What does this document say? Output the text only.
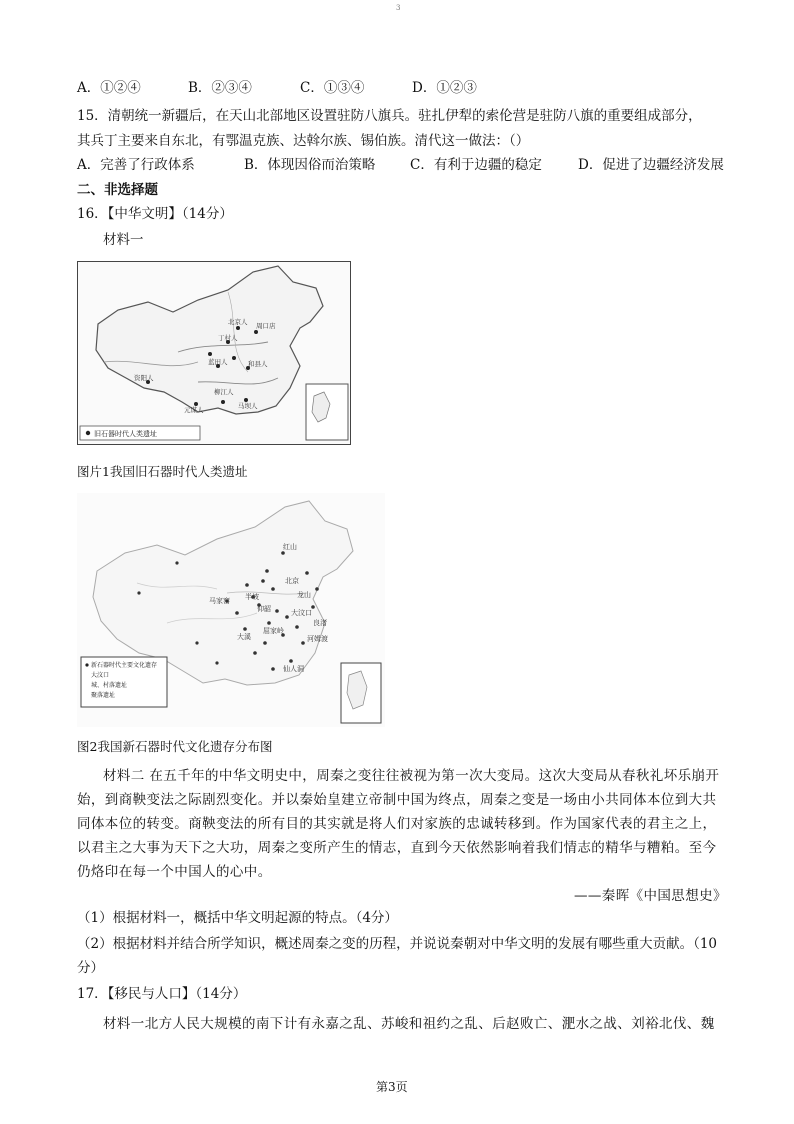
3
A．①②④	B．②③④	C．①③④	D．①②③
15．清朝统一新疆后，在天山北部地区设置驻防八旗兵。驻扎伊犁的索伦营是驻防八旗的重要组成部分，
其兵丁主要来自东北，有鄂温克族、达斡尔族、锡伯族。清代这一做法：（）
A．完善了行政体系	B．体现因俗而治策略	C．有利于边疆的稳定	D．促进了边疆经济发展
二、非选择题
16．【中华文明】（14分）
材料一
北京人 周口店
丁村人
蓝田人
元谋人	马坝人
柳江人
和县人
资阳人
旧石器时代人类遗址
图片1我国旧石器时代人类遗址
红山
北京
仰韶	大汶口
河姆渡
良渚
半坡
马家窑
屈家岭
大溪
龙山
仙人洞
新石器时代主要文化遗存
大汶口
城、村落遗址
聚落遗址
图2我国新石器时代文化遗存分布图
材料二 在五千年的中华文明史中，周秦之变往往被视为第一次大变局。这次大变局从春秋礼坏乐崩开
始，到商鞅变法之际剧烈变化。并以秦始皇建立帝制中国为终点，周秦之变是一场由小共同体本位到大共
同体本位的转变。商鞅变法的所有目的其实就是将人们对家族的忠诚转移到。作为国家代表的君主之上，
以君主之大事为天下之大功，周秦之变所产生的情志，直到今天依然影响着我们情志的精华与糟粕。至今
仍烙印在每一个中国人的心中。
——秦晖《中国思想史》
（1）根据材料一，概括中华文明起源的特点。（4分）
（2）根据材料并结合所学知识，概述周秦之变的历程，并说说秦朝对中华文明的发展有哪些重大贡献。（10
分）
17．【移民与人口】（14分）
材料一北方人民大规模的南下计有永嘉之乱、苏峻和祖约之乱、后赵败亡、淝水之战、刘裕北伐、魏
第3页
